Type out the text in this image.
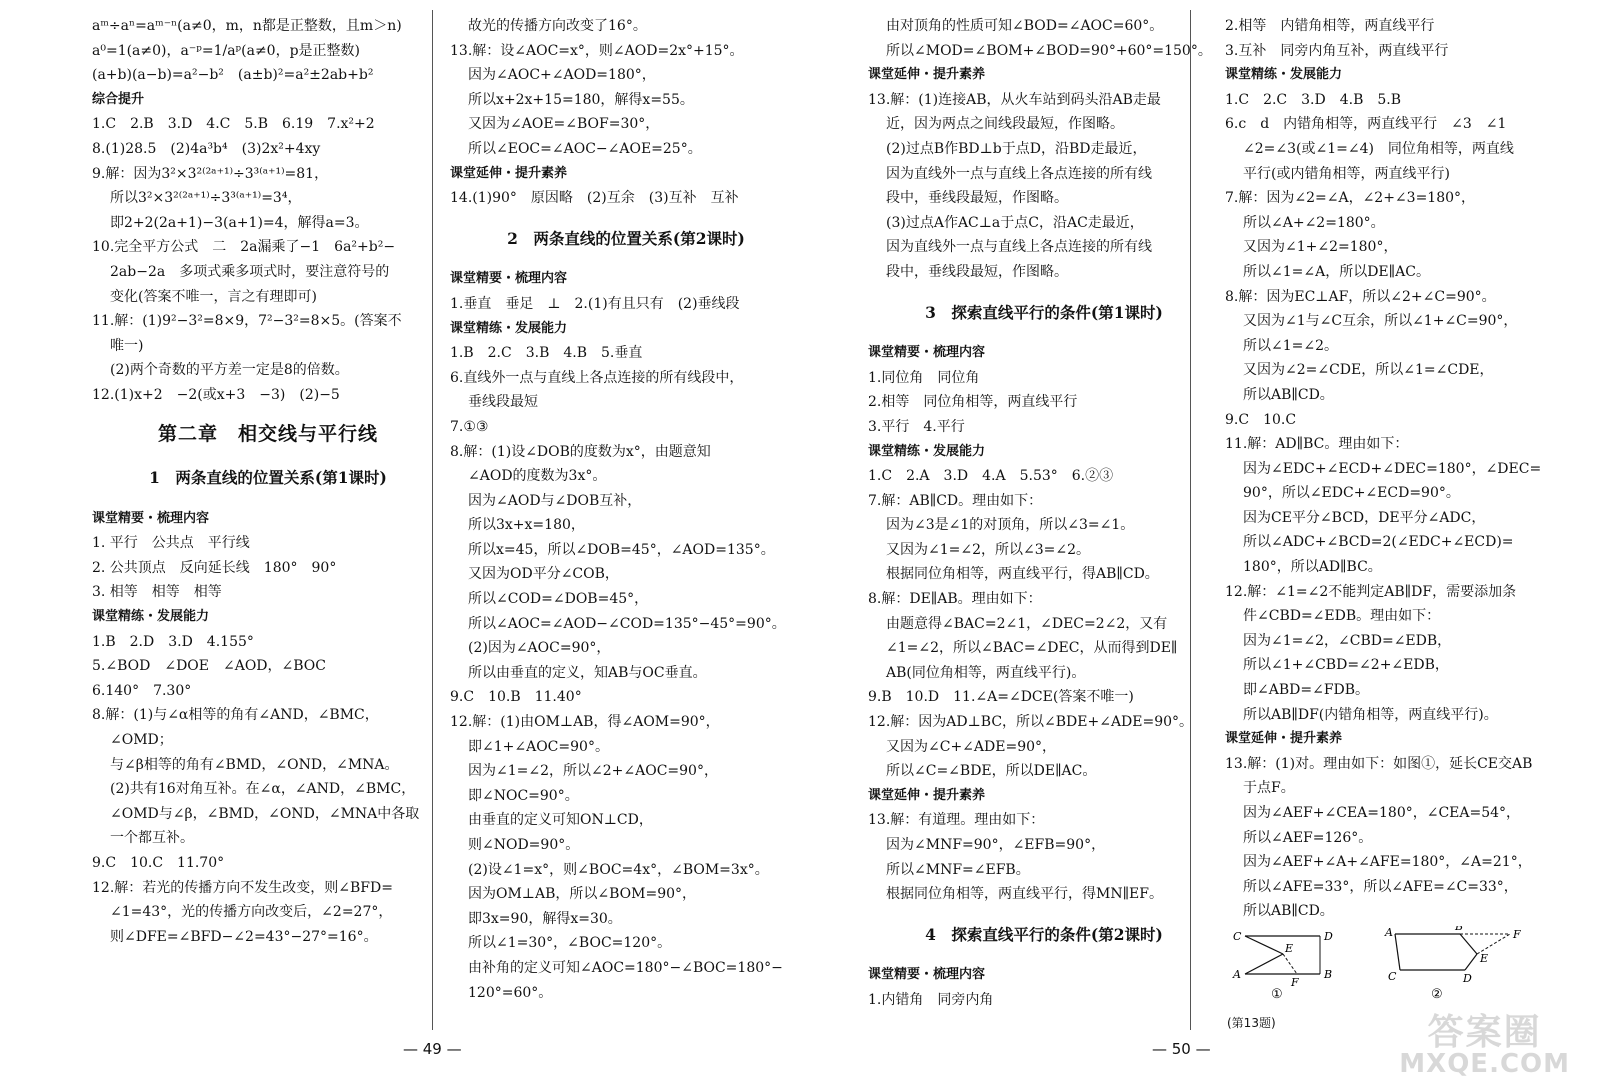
aᵐ÷aⁿ=aᵐ⁻ⁿ(a≠0，m，n都是正整数，且m＞n)
a⁰=1(a≠0)，a⁻ᵖ=1/aᵖ(a≠0，p是正整数)
(a+b)(a−b)=a²−b²　(a±b)²=a²±2ab+b²
综合提升
1.C　2.B　3.D　4.C　5.B　6.19　7.x²+2
8.(1)28.5　(2)4a³b⁴　(3)2x²+4xy
9.解：因为3²×3²⁽²ᵃ⁺¹⁾÷3³⁽ᵃ⁺¹⁾=81，
所以3²×3²⁽²ᵃ⁺¹⁾÷3³⁽ᵃ⁺¹⁾=3⁴，
即2+2(2a+1)−3(a+1)=4，解得a=3。
10.完全平方公式　二　2a漏乘了−1　6a²+b²−
2ab−2a　多项式乘多项式时，要注意符号的
变化(答案不唯一，言之有理即可)
11.解：(1)9²−3²=8×9，7²−3²=8×5。(答案不
唯一)
(2)两个奇数的平方差一定是8的倍数。
12.(1)x+2　−2(或x+3　−3)　(2)−5
第二章　相交线与平行线
1　两条直线的位置关系(第1课时)
课堂精要・梳理内容
1. 平行　公共点　平行线
2. 公共顶点　反向延长线　180°　90°
3. 相等　相等　相等
课堂精练・发展能力
1.B　2.D　3.D　4.155°
5.∠BOD　∠DOE　∠AOD，∠BOC
6.140°　7.30°
8.解：(1)与∠α相等的角有∠AND，∠BMC，
∠OMD；
与∠β相等的角有∠BMD，∠OND，∠MNA。
(2)共有16对角互补。在∠α，∠AND，∠BMC，
∠OMD与∠β，∠BMD，∠OND，∠MNA中各取
一个都互补。
9.C　10.C　11.70°
12.解：若光的传播方向不发生改变，则∠BFD=
∠1=43°，光的传播方向改变后，∠2=27°，
则∠DFE=∠BFD−∠2=43°−27°=16°。
故光的传播方向改变了16°。
13.解：设∠AOC=x°，则∠AOD=2x°+15°。
因为∠AOC+∠AOD=180°，
所以x+2x+15=180，解得x=55。
又因为∠AOE=∠BOF=30°，
所以∠EOC=∠AOC−∠AOE=25°。
课堂延伸・提升素养
14.(1)90°　原因略　(2)互余　(3)互补　互补
2　两条直线的位置关系(第2课时)
课堂精要・梳理内容
1.垂直　垂足　⊥　2.(1)有且只有　(2)垂线段
课堂精练・发展能力
1.B　2.C　3.B　4.B　5.垂直
6.直线外一点与直线上各点连接的所有线段中，
垂线段最短
7.①③
8.解：(1)设∠DOB的度数为x°，由题意知
∠AOD的度数为3x°。
因为∠AOD与∠DOB互补，
所以3x+x=180，
所以x=45，所以∠DOB=45°，∠AOD=135°。
又因为OD平分∠COB，
所以∠COD=∠DOB=45°，
所以∠AOC=∠AOD−∠COD=135°−45°=90°。
(2)因为∠AOC=90°，
所以由垂直的定义，知AB与OC垂直。
9.C　10.B　11.40°
12.解：(1)由OM⊥AB，得∠AOM=90°，
即∠1+∠AOC=90°。
因为∠1=∠2，所以∠2+∠AOC=90°，
即∠NOC=90°。
由垂直的定义可知ON⊥CD，
则∠NOD=90°。
(2)设∠1=x°，则∠BOC=4x°，∠BOM=3x°。
因为OM⊥AB，所以∠BOM=90°，
即3x=90，解得x=30。
所以∠1=30°，∠BOC=120°。
由补角的定义可知∠AOC=180°−∠BOC=180°−
120°=60°。
由对顶角的性质可知∠BOD=∠AOC=60°。
所以∠MOD=∠BOM+∠BOD=90°+60°=150°。
课堂延伸・提升素养
13.解：(1)连接AB，从火车站到码头沿AB走最
近，因为两点之间线段最短，作图略。
(2)过点B作BD⊥b于点D，沿BD走最近，
因为直线外一点与直线上各点连接的所有线
段中，垂线段最短，作图略。
(3)过点A作AC⊥a于点C，沿AC走最近，
因为直线外一点与直线上各点连接的所有线
段中，垂线段最短，作图略。
3　探索直线平行的条件(第1课时)
课堂精要・梳理内容
1.同位角　同位角
2.相等　同位角相等，两直线平行
3.平行　4.平行
课堂精练・发展能力
1.C　2.A　3.D　4.A　5.53°　6.②③
7.解：AB∥CD。理由如下：
因为∠3是∠1的对顶角，所以∠3=∠1。
又因为∠1=∠2，所以∠3=∠2。
根据同位角相等，两直线平行，得AB∥CD。
8.解：DE∥AB。理由如下：
由题意得∠BAC=2∠1，∠DEC=2∠2，又有
∠1=∠2，所以∠BAC=∠DEC，从而得到DE∥
AB(同位角相等，两直线平行)。
9.B　10.D　11.∠A=∠DCE(答案不唯一)
12.解：因为AD⊥BC，所以∠BDE+∠ADE=90°。
又因为∠C+∠ADE=90°，
所以∠C=∠BDE，所以DE∥AC。
课堂延伸・提升素养
13.解：有道理。理由如下：
因为∠MNF=90°，∠EFB=90°，
所以∠MNF=∠EFB。
根据同位角相等，两直线平行，得MN∥EF。
4　探索直线平行的条件(第2课时)
课堂精要・梳理内容
1.内错角　同旁内角
2.相等　内错角相等，两直线平行
3.互补　同旁内角互补，两直线平行
课堂精练・发展能力
1.C　2.C　3.D　4.B　5.B
6.c　d　内错角相等，两直线平行　∠3　∠1
∠2=∠3(或∠1=∠4)　同位角相等，两直线
平行(或内错角相等，两直线平行)
7.解：因为∠2=∠A，∠2+∠3=180°，
所以∠A+∠2=180°。
又因为∠1+∠2=180°，
所以∠1=∠A，所以DE∥AC。
8.解：因为EC⊥AF，所以∠2+∠C=90°。
又因为∠1与∠C互余，所以∠1+∠C=90°，
所以∠1=∠2。
又因为∠2=∠CDE，所以∠1=∠CDE，
所以AB∥CD。
9.C　10.C
11.解：AD∥BC。理由如下：
因为∠EDC+∠ECD+∠DEC=180°，∠DEC=
90°，所以∠EDC+∠ECD=90°。
因为CE平分∠BCD，DE平分∠ADC，
所以∠ADC+∠BCD=2(∠EDC+∠ECD)=
180°，所以AD∥BC。
12.解：∠1=∠2不能判定AB∥DF，需要添加条
件∠CBD=∠EDB。理由如下：
因为∠1=∠2，∠CBD=∠EDB，
所以∠1+∠CBD=∠2+∠EDB，
即∠ABD=∠FDB。
所以AB∥DF(内错角相等，两直线平行)。
课堂延伸・提升素养
13.解：(1)对。理由如下：如图①，延长CE交AB
于点F。
因为∠AEF+∠CEA=180°，∠CEA=54°，
所以∠AEF=126°。
因为∠AEF+∠A+∠AFE=180°，∠A=21°，
所以∠AFE=33°，所以∠AFE=∠C=33°，
所以AB∥CD。
C
E
D
A
F
B
①
A	B
F
E
C	D
②
(第13题)
— 49 —	— 50 —	答案圈
MXQE.COM
